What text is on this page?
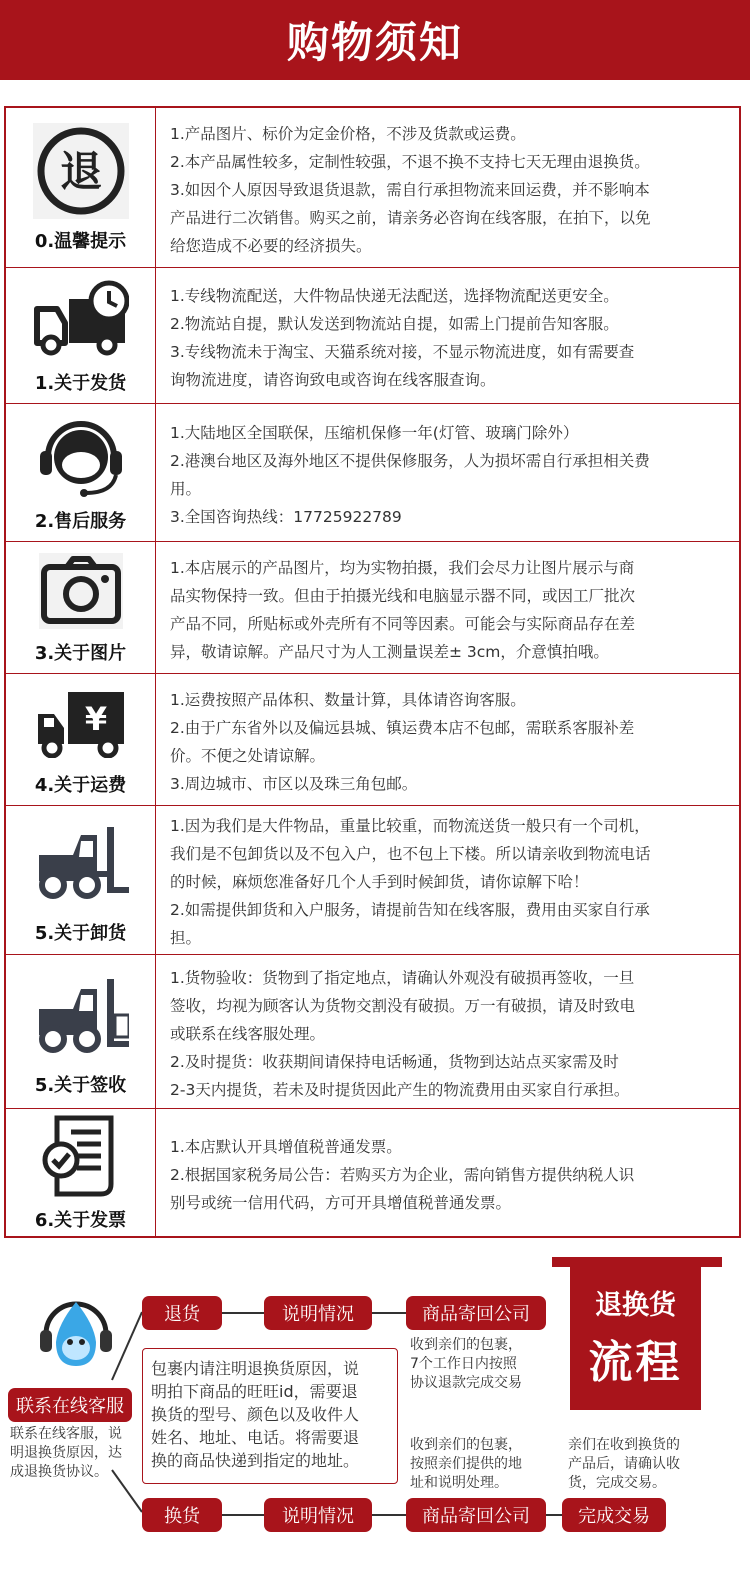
购物须知
退
0.温馨提示
1.产品图片、标价为定金价格，不涉及货款或运费。
2.本产品属性较多，定制性较强，不退不换不支持七天无理由退换货。
3.如因个人原因导致退货退款，需自行承担物流来回运费，并不影响本
产品进行二次销售。购买之前，请亲务必咨询在线客服，在拍下，以免
给您造成不必要的经济损失。
1.关于发货
1.专线物流配送，大件物品快递无法配送，选择物流配送更安全。
2.物流站自提，默认发送到物流站自提，如需上门提前告知客服。
3.专线物流未于淘宝、天猫系统对接，不显示物流进度，如有需要查
询物流进度，请咨询致电或咨询在线客服查询。
2.售后服务
1.大陆地区全国联保，压缩机保修一年(灯管、玻璃门除外）
2.港澳台地区及海外地区不提供保修服务，人为损坏需自行承担相关费
用。
3.全国咨询热线：17725922789
3.关于图片
1.本店展示的产品图片，均为实物拍摄，我们会尽力让图片展示与商
品实物保持一致。但由于拍摄光线和电脑显示器不同，或因工厂批次
产品不同，所贴标或外壳所有不同等因素。可能会与实际商品存在差
异，敬请谅解。产品尺寸为人工测量误差± 3cm，介意慎拍哦。
¥
4.关于运费
1.运费按照产品体积、数量计算，具体请咨询客服。
2.由于广东省外以及偏远县城、镇运费本店不包邮，需联系客服补差
价。不便之处请谅解。
3.周边城市、市区以及珠三角包邮。
5.关于卸货
1.因为我们是大件物品，重量比较重，而物流送货一般只有一个司机，
我们是不包卸货以及不包入户，也不包上下楼。所以请亲收到物流电话
的时候，麻烦您准备好几个人手到时候卸货，请你谅解下哈！
2.如需提供卸货和入户服务，请提前告知在线客服，费用由买家自行承
担。
5.关于签收
1.货物验收：货物到了指定地点，请确认外观没有破损再签收，一旦
签收，均视为顾客认为货物交割没有破损。万一有破损，请及时致电
或联系在线客服处理。
2.及时提货：收获期间请保持电话畅通，货物到达站点买家需及时
2-3天内提货，若未及时提货因此产生的物流费用由买家自行承担。
6.关于发票
1.本店默认开具增值税普通发票。
2.根据国家税务局公告：若购买方为企业，需向销售方提供纳税人识
别号或统一信用代码，方可开具增值税普通发票。
联系在线客服
联系在线客服，说
明退换货原因，达
成退换货协议。
退货	说明情况	商品寄回公司
收到亲们的包裹，
7个工作日内按照
协议退款完成交易
包裹内请注明退换货原因，说
明拍下商品的旺旺id，需要退
换货的型号、颜色以及收件人
姓名、地址、电话。将需要退
换的商品快递到指定的地址。
收到亲们的包裹，
按照亲们提供的地
址和说明处理。
亲们在收到换货的
产品后，请确认收
货，完成交易。
换货	说明情况	商品寄回公司	完成交易
退换货
流程
